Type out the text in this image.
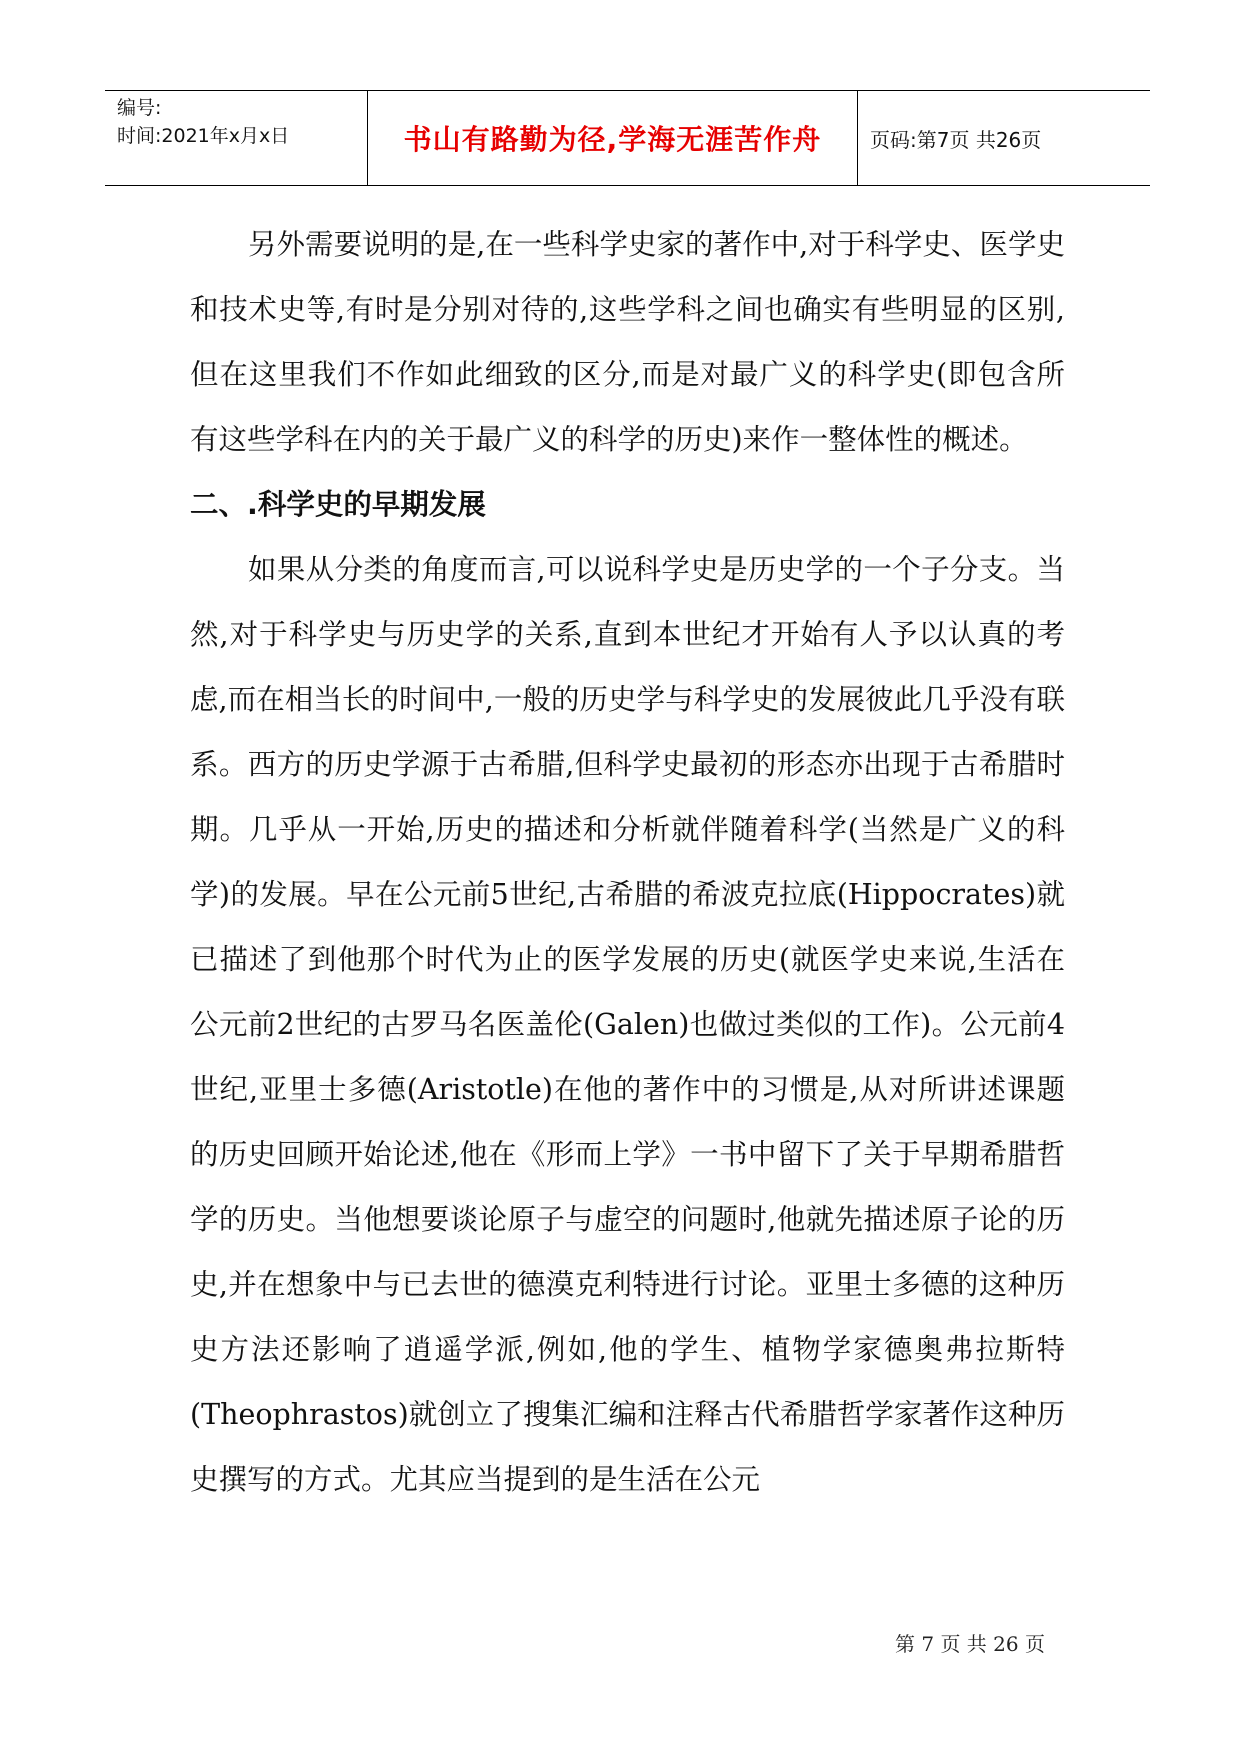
编号:
时间:2021年x月x日	书山有路勤为径,学海无涯苦作舟	页码:第7页 共26页

另外需要说明的是,在一些科学史家的著作中,对于科学史、医学史和技术史等,有时是分别对待的,这些学科之间也确实有些明显的区别,但在这里我们不作如此细致的区分,而是对最广义的科学史(即包含所有这些学科在内的关于最广义的科学的历史)来作一整体性的概述。

二、.科学史的早期发展

如果从分类的角度而言,可以说科学史是历史学的一个子分支。当然,对于科学史与历史学的关系,直到本世纪才开始有人予以认真的考虑,而在相当长的时间中,一般的历史学与科学史的发展彼此几乎没有联系。西方的历史学源于古希腊,但科学史最初的形态亦出现于古希腊时期。几乎从一开始,历史的描述和分析就伴随着科学(当然是广义的科学)的发展。早在公元前5世纪,古希腊的希波克拉底(Hippocrates)就已描述了到他那个时代为止的医学发展的历史(就医学史来说,生活在公元前2世纪的古罗马名医盖伦(Galen)也做过类似的工作)。公元前4世纪,亚里士多德(Aristotle)在他的著作中的习惯是,从对所讲述课题的历史回顾开始论述,他在《形而上学》一书中留下了关于早期希腊哲学的历史。当他想要谈论原子与虚空的问题时,他就先描述原子论的历史,并在想象中与已去世的德漠克利特进行讨论。亚里士多德的这种历史方法还影响了逍遥学派,例如,他的学生、植物学家德奥弗拉斯特(Theophrastos)就创立了搜集汇编和注释古代希腊哲学家著作这种历史撰写的方式。尤其应当提到的是生活在公元

第 7 页 共 26 页
